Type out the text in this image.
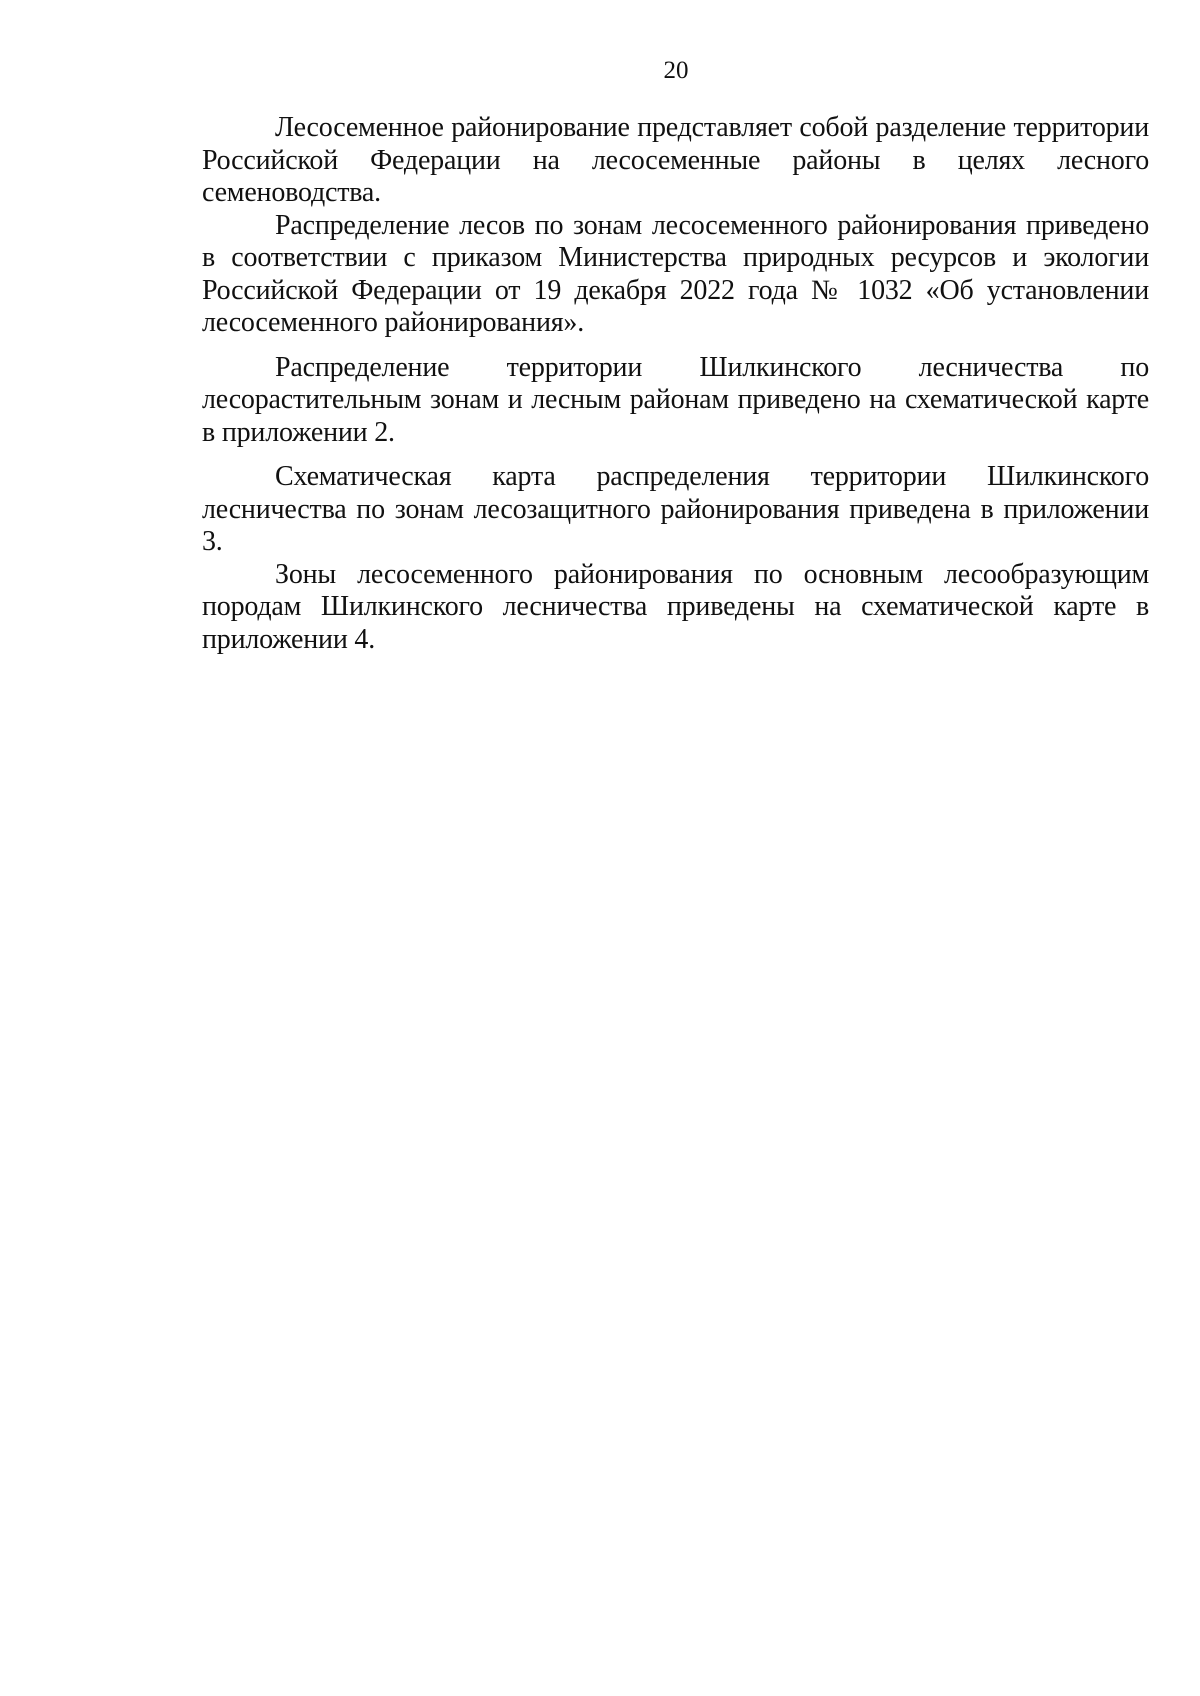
20

Лесосеменное районирование представляет собой разделение территории Российской Федерации на лесосеменные районы в целях лесного семеноводства.

Распределение лесов по зонам лесосеменного районирования приведено в соответствии с приказом Министерства природных ресурсов и экологии Российской Федерации от 19 декабря 2022 года № 1032 «Об установлении лесосеменного районирования».

Распределение территории Шилкинского лесничества по лесорастительным зонам и лесным районам приведено на схематической карте в приложении 2.

Схематическая карта распределения территории Шилкинского лесничества по зонам лесозащитного районирования приведена в приложении 3.

Зоны лесосеменного районирования по основным лесообразующим породам Шилкинского лесничества приведены на схематической карте в приложении 4.
